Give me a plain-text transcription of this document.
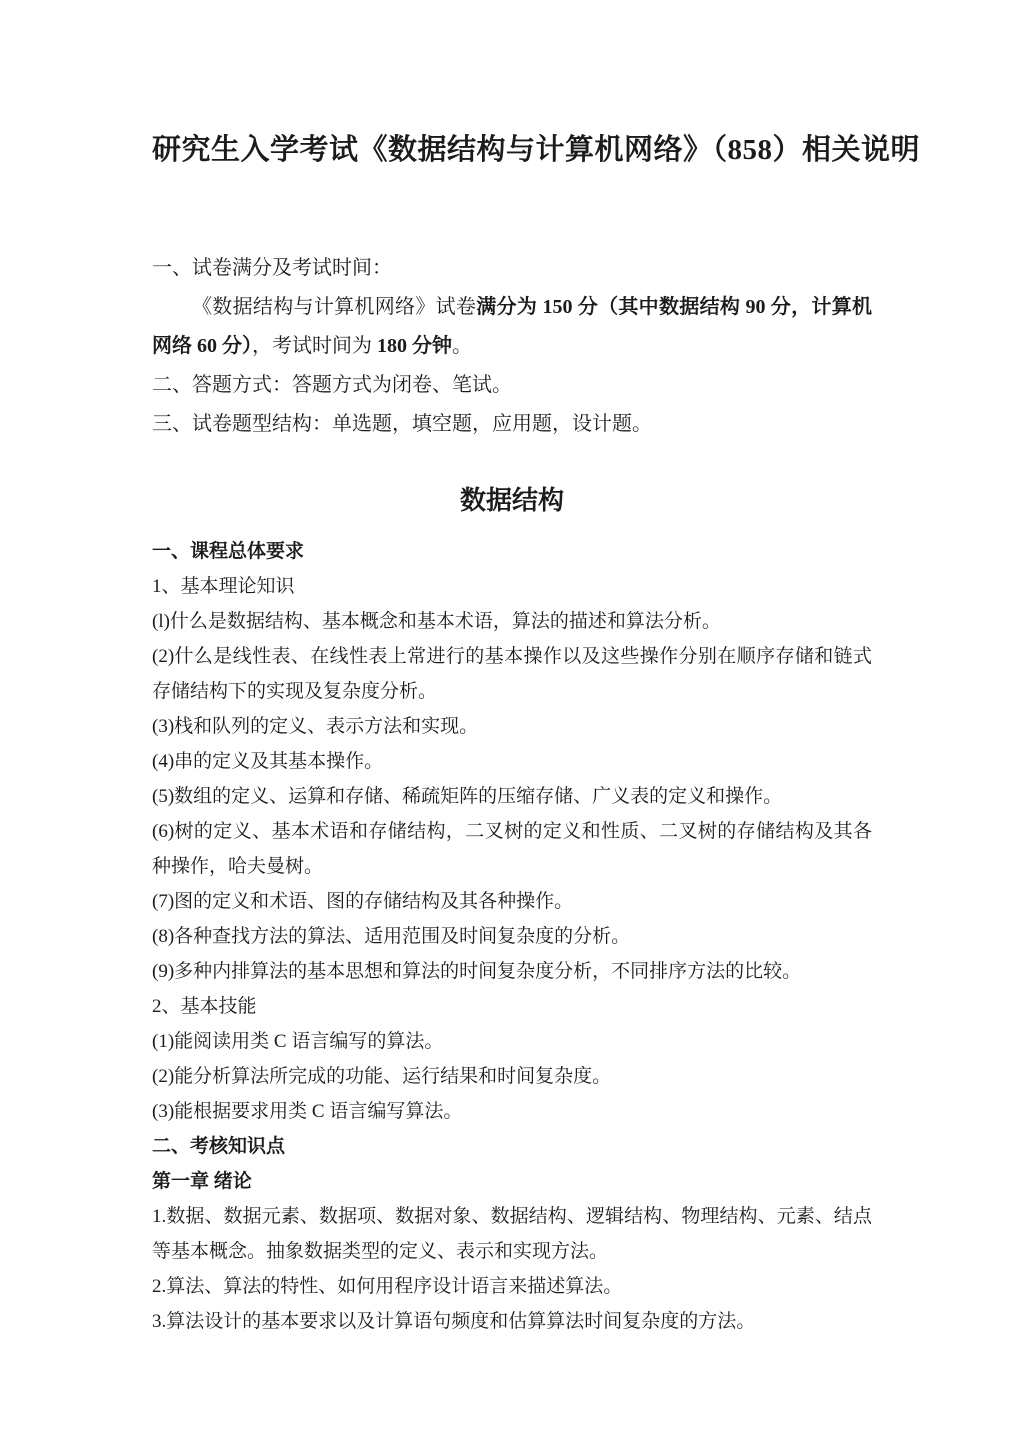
研究生入学考试《数据结构与计算机网络》（858）相关说明

一、试卷满分及考试时间：

《数据结构与计算机网络》试卷满分为 150 分（其中数据结构 90 分，计算机网络 60 分），考试时间为 180 分钟。

二、答题方式：答题方式为闭卷、笔试。

三、试卷题型结构：单选题，填空题，应用题，设计题。

数据结构

一、课程总体要求

1、基本理论知识

(l)什么是数据结构、基本概念和基本术语，算法的描述和算法分析。

(2)什么是线性表、在线性表上常进行的基本操作以及这些操作分别在顺序存储和链式存储结构下的实现及复杂度分析。

(3)栈和队列的定义、表示方法和实现。

(4)串的定义及其基本操作。

(5)数组的定义、运算和存储、稀疏矩阵的压缩存储、广义表的定义和操作。

(6)树的定义、基本术语和存储结构，二叉树的定义和性质、二叉树的存储结构及其各种操作，哈夫曼树。

(7)图的定义和术语、图的存储结构及其各种操作。

(8)各种查找方法的算法、适用范围及时间复杂度的分析。

(9)多种内排算法的基本思想和算法的时间复杂度分析，不同排序方法的比较。

2、基本技能

(1)能阅读用类 C 语言编写的算法。

(2)能分析算法所完成的功能、运行结果和时间复杂度。

(3)能根据要求用类 C 语言编写算法。

二、考核知识点

第一章 绪论

1.数据、数据元素、数据项、数据对象、数据结构、逻辑结构、物理结构、元素、结点等基本概念。抽象数据类型的定义、表示和实现方法。

2.算法、算法的特性、如何用程序设计语言来描述算法。

3.算法设计的基本要求以及计算语句频度和估算算法时间复杂度的方法。
